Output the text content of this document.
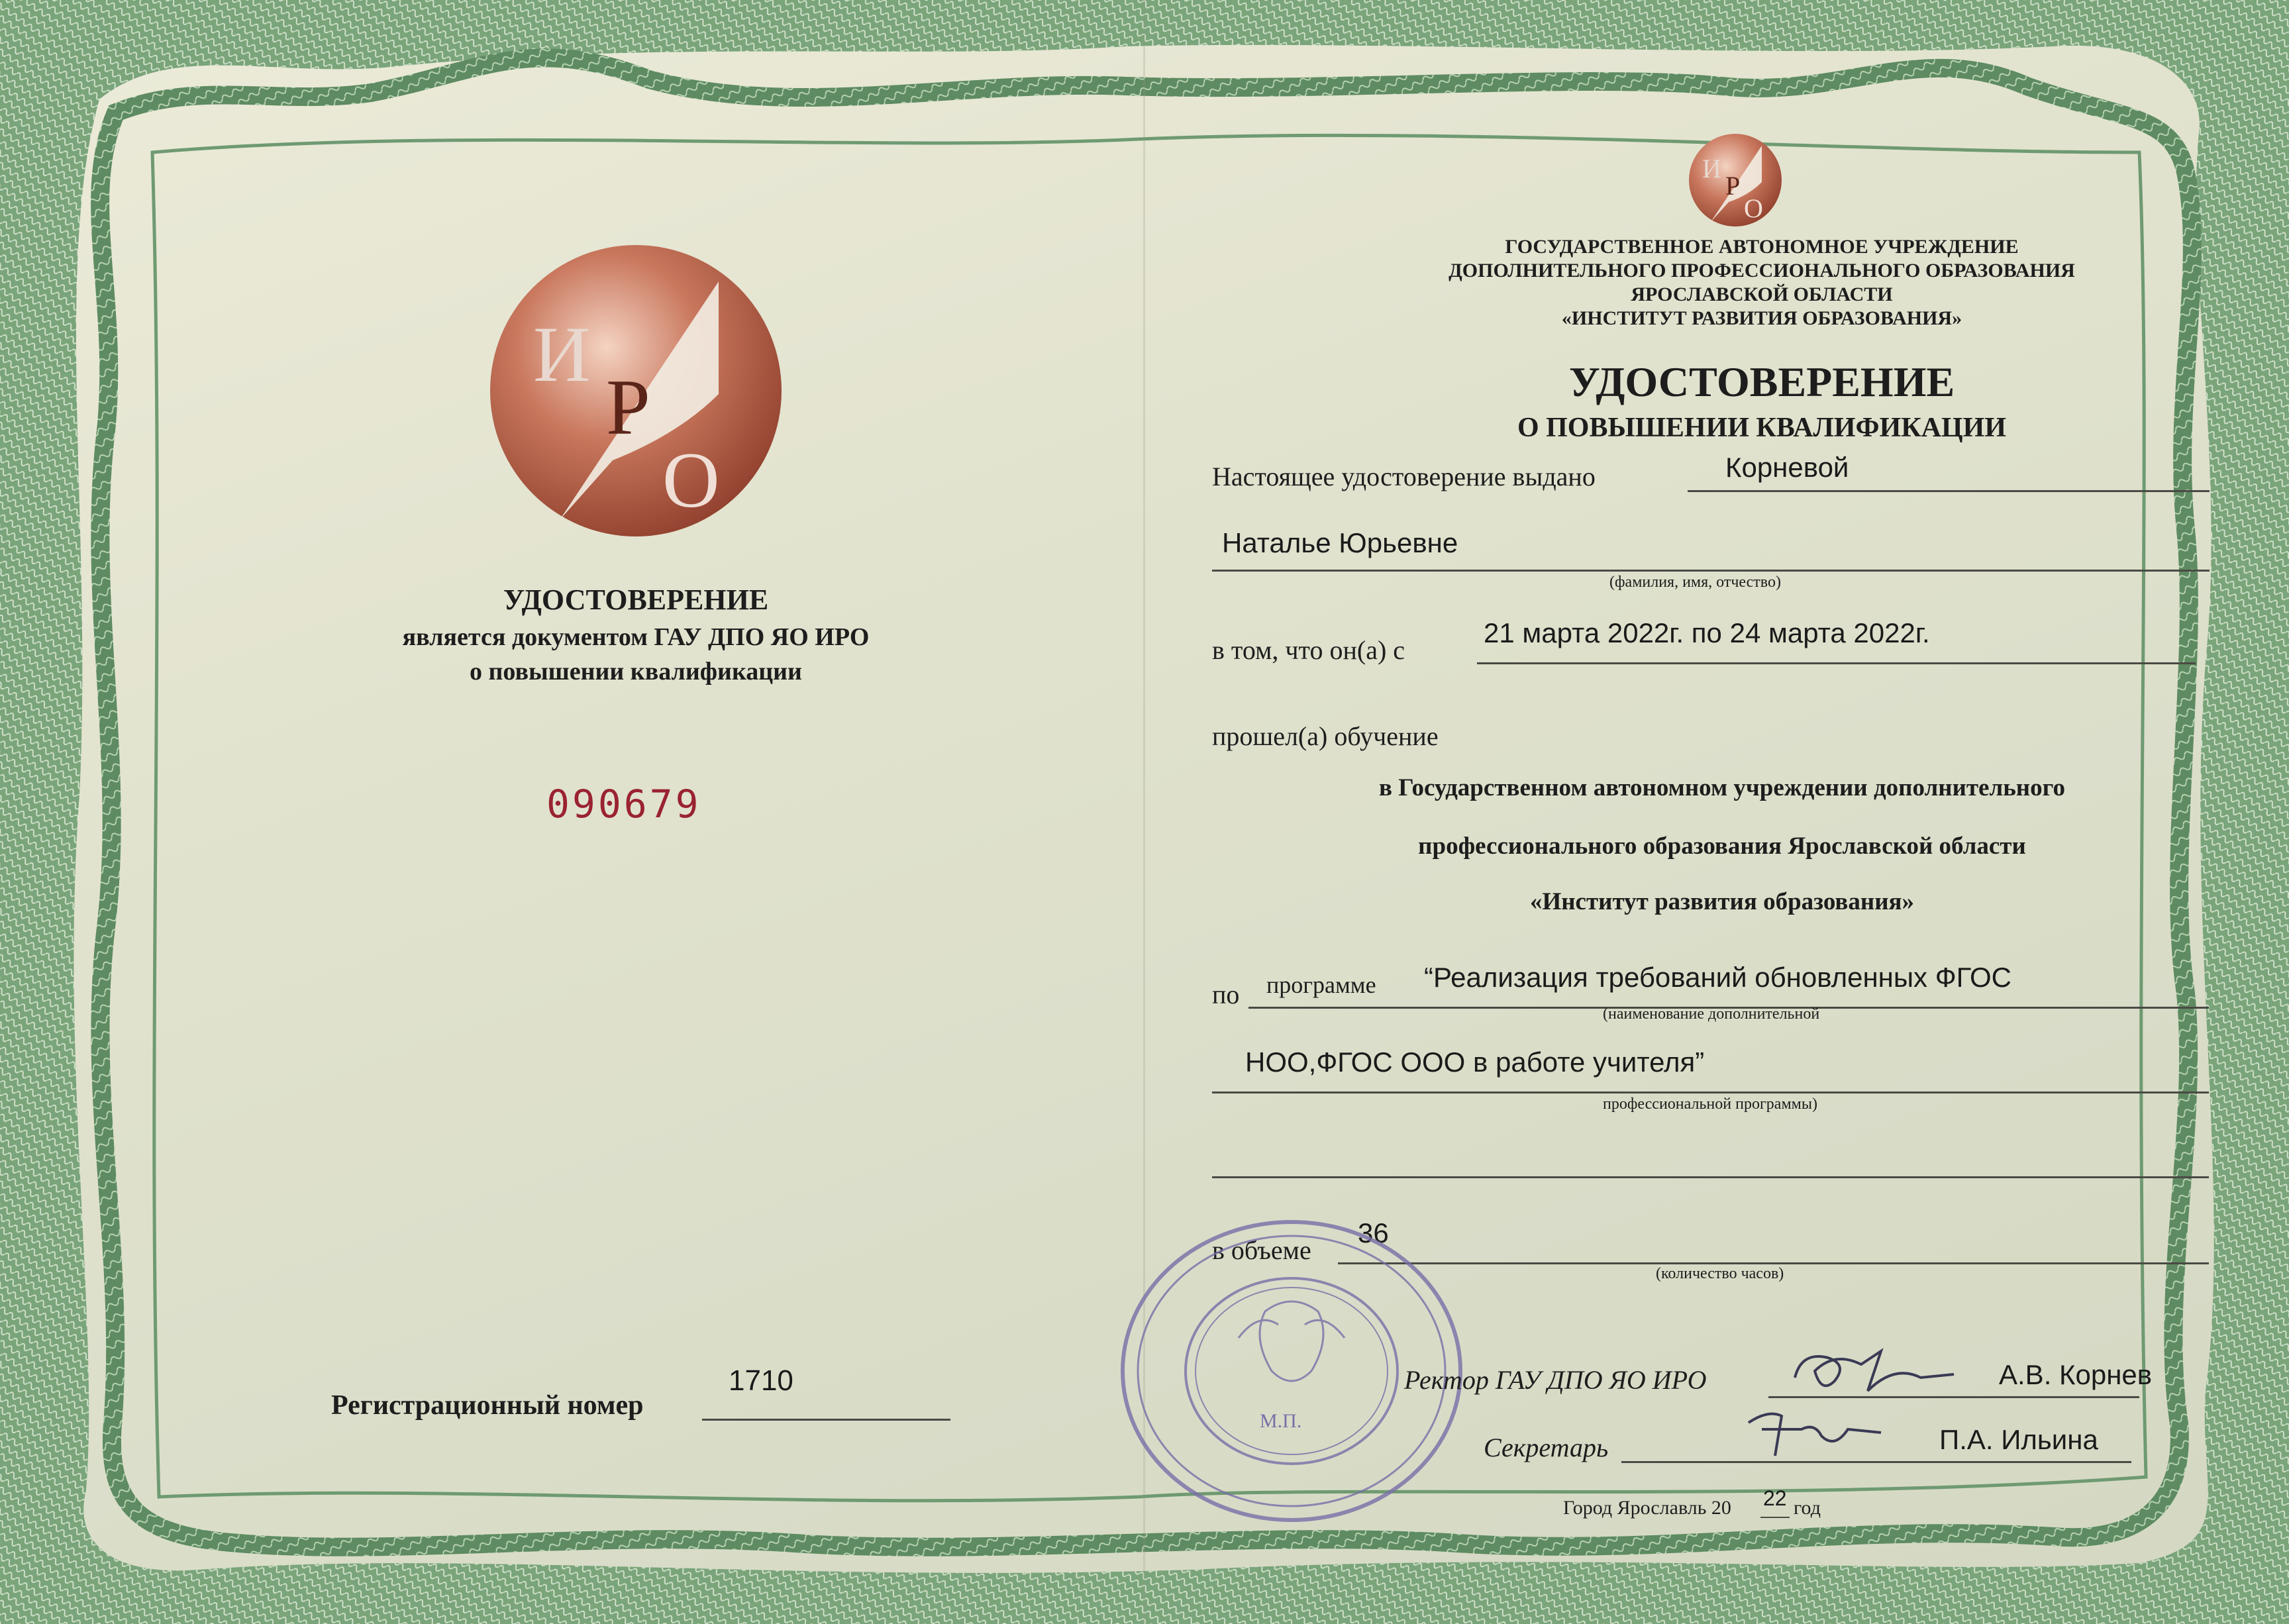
И
Р
О
УДОСТОВЕРЕНИЕ
является документом ГАУ ДПО ЯО ИРО
о повышении квалификации
090679
Регистрационный номер
1710
И
Р
О
ГОСУДАРСТВЕННОЕ АВТОНОМНОЕ УЧРЕЖДЕНИЕ
ДОПОЛНИТЕЛЬНОГО ПРОФЕССИОНАЛЬНОГО ОБРАЗОВАНИЯ
ЯРОСЛАВСКОЙ ОБЛАСТИ
«ИНСТИТУТ РАЗВИТИЯ ОБРАЗОВАНИЯ»
УДОСТОВЕРЕНИЕ
О ПОВЫШЕНИИ КВАЛИФИКАЦИИ
Настоящее удостоверение выдано	Корневой
Наталье Юрьевне
(фамилия, имя, отчество)
в том, что он(а) с
21 марта 2022г. по 24 марта 2022г.
прошел(а) обучение
в Государственном автономном учреждении дополнительного
профессионального образования Ярославской области
«Институт развития образования»
по программе “Реализация требований обновленных ФГОС
(наименование дополнительной
НОО,ФГОС ООО в работе учителя”
профессиональной программы)
в объеме
36
(количество часов)
М.П.
Ректор ГАУ ДПО ЯО ИРО	А.В. Корнев
Секретарь	П.А. Ильина
Город Ярославль 20 22 год
